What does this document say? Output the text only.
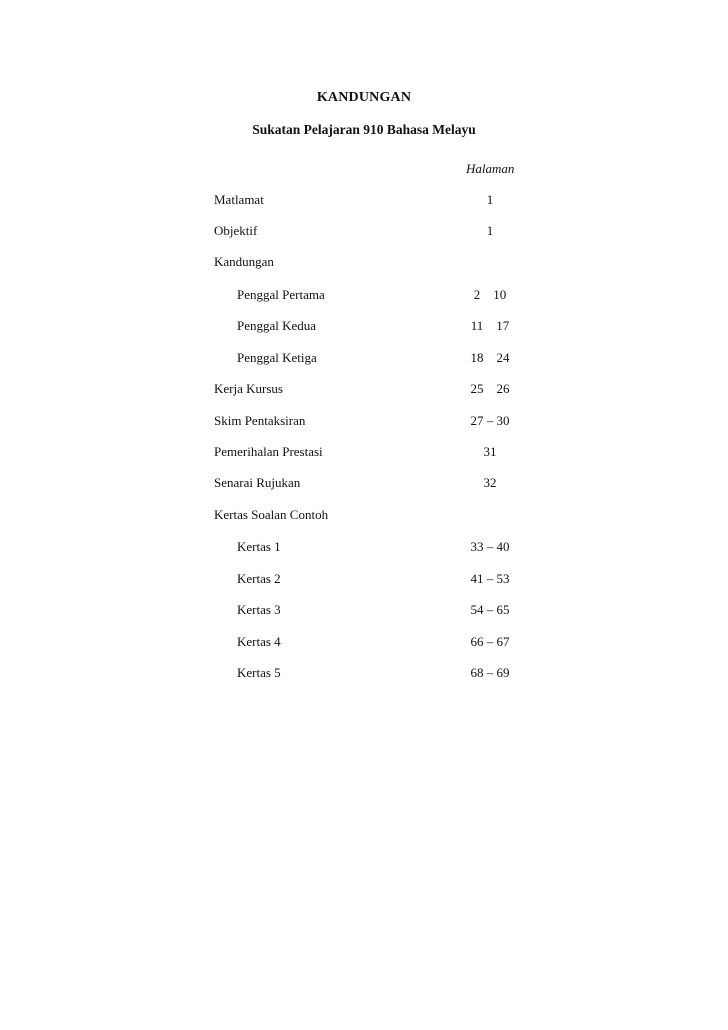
KANDUNGAN
Sukatan Pelajaran 910 Bahasa Melayu
Halaman
Matlamat	1
Objektif	1
Kandungan
Penggal Pertama	2    10
Penggal Kedua	11    17
Penggal Ketiga	18    24
Kerja Kursus	25    26
Skim Pentaksiran	27 – 30
Pemerihalan Prestasi	31
Senarai Rujukan	32
Kertas Soalan Contoh
Kertas 1	33 – 40
Kertas 2	41 – 53
Kertas 3	54 – 65
Kertas 4	66 – 67
Kertas 5	68 – 69
